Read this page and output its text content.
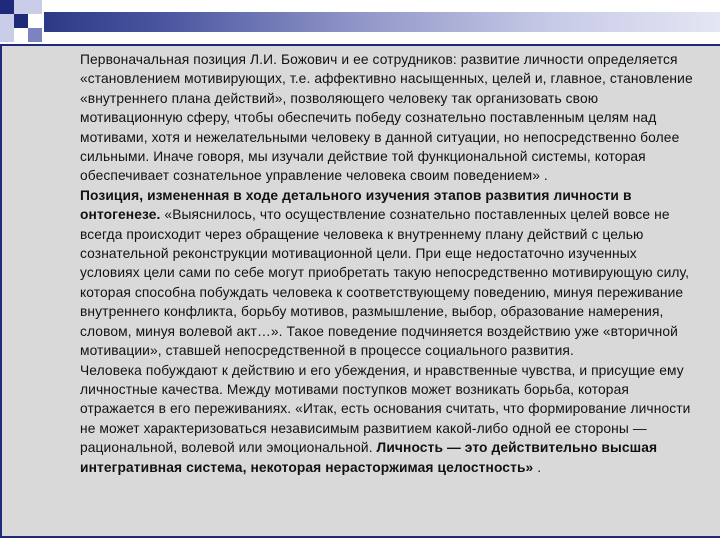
Первоначальная позиция Л.И. Божович и ее сотрудников: развитие личности определяется «становлением мотивирующих, т.е. аффективно насыщенных, целей и, главное, становление «внутреннего плана действий», позволяющего человеку так организовать свою мотивационную сферу, чтобы обеспечить победу сознательно поставленным целям над мотивами, хотя и нежелательными человеку в данной ситуации, но непосредственно более сильными. Иначе говоря, мы изучали действие той функциональной системы, которая обеспечивает сознательное управление человека своим поведением» .

Позиция, измененная в ходе детального изучения этапов развития личности в онтогенезе. «Выяснилось, что осуществление сознательно поставленных целей вовсе не всегда происходит через обращение человека к внутреннему плану действий с целью сознательной реконструкции мотивационной цели. При еще недостаточно изученных условиях цели сами по себе могут приобретать такую непосредственно мотивирующую силу, которая способна побуждать человека к соответствующему поведению, минуя переживание внутреннего конфликта, борьбу мотивов, размышление, выбор, образование намерения, словом, минуя волевой акт…». Такое поведение подчиняется воздействию уже «вторичной мотивации», ставшей непосредственной в процессе социального развития.

Человека побуждают к действию и его убеждения, и нравственные чувства, и присущие ему личностные качества. Между мотивами поступков может возникать борьба, которая отражается в его переживаниях. «Итак, есть основания считать, что формирование личности не может характеризоваться независимым развитием какой-либо одной ее стороны — рациональной, волевой или эмоциональной. Личность — это действительно высшая интегративная система, некоторая нерасторжимая целостность» .
